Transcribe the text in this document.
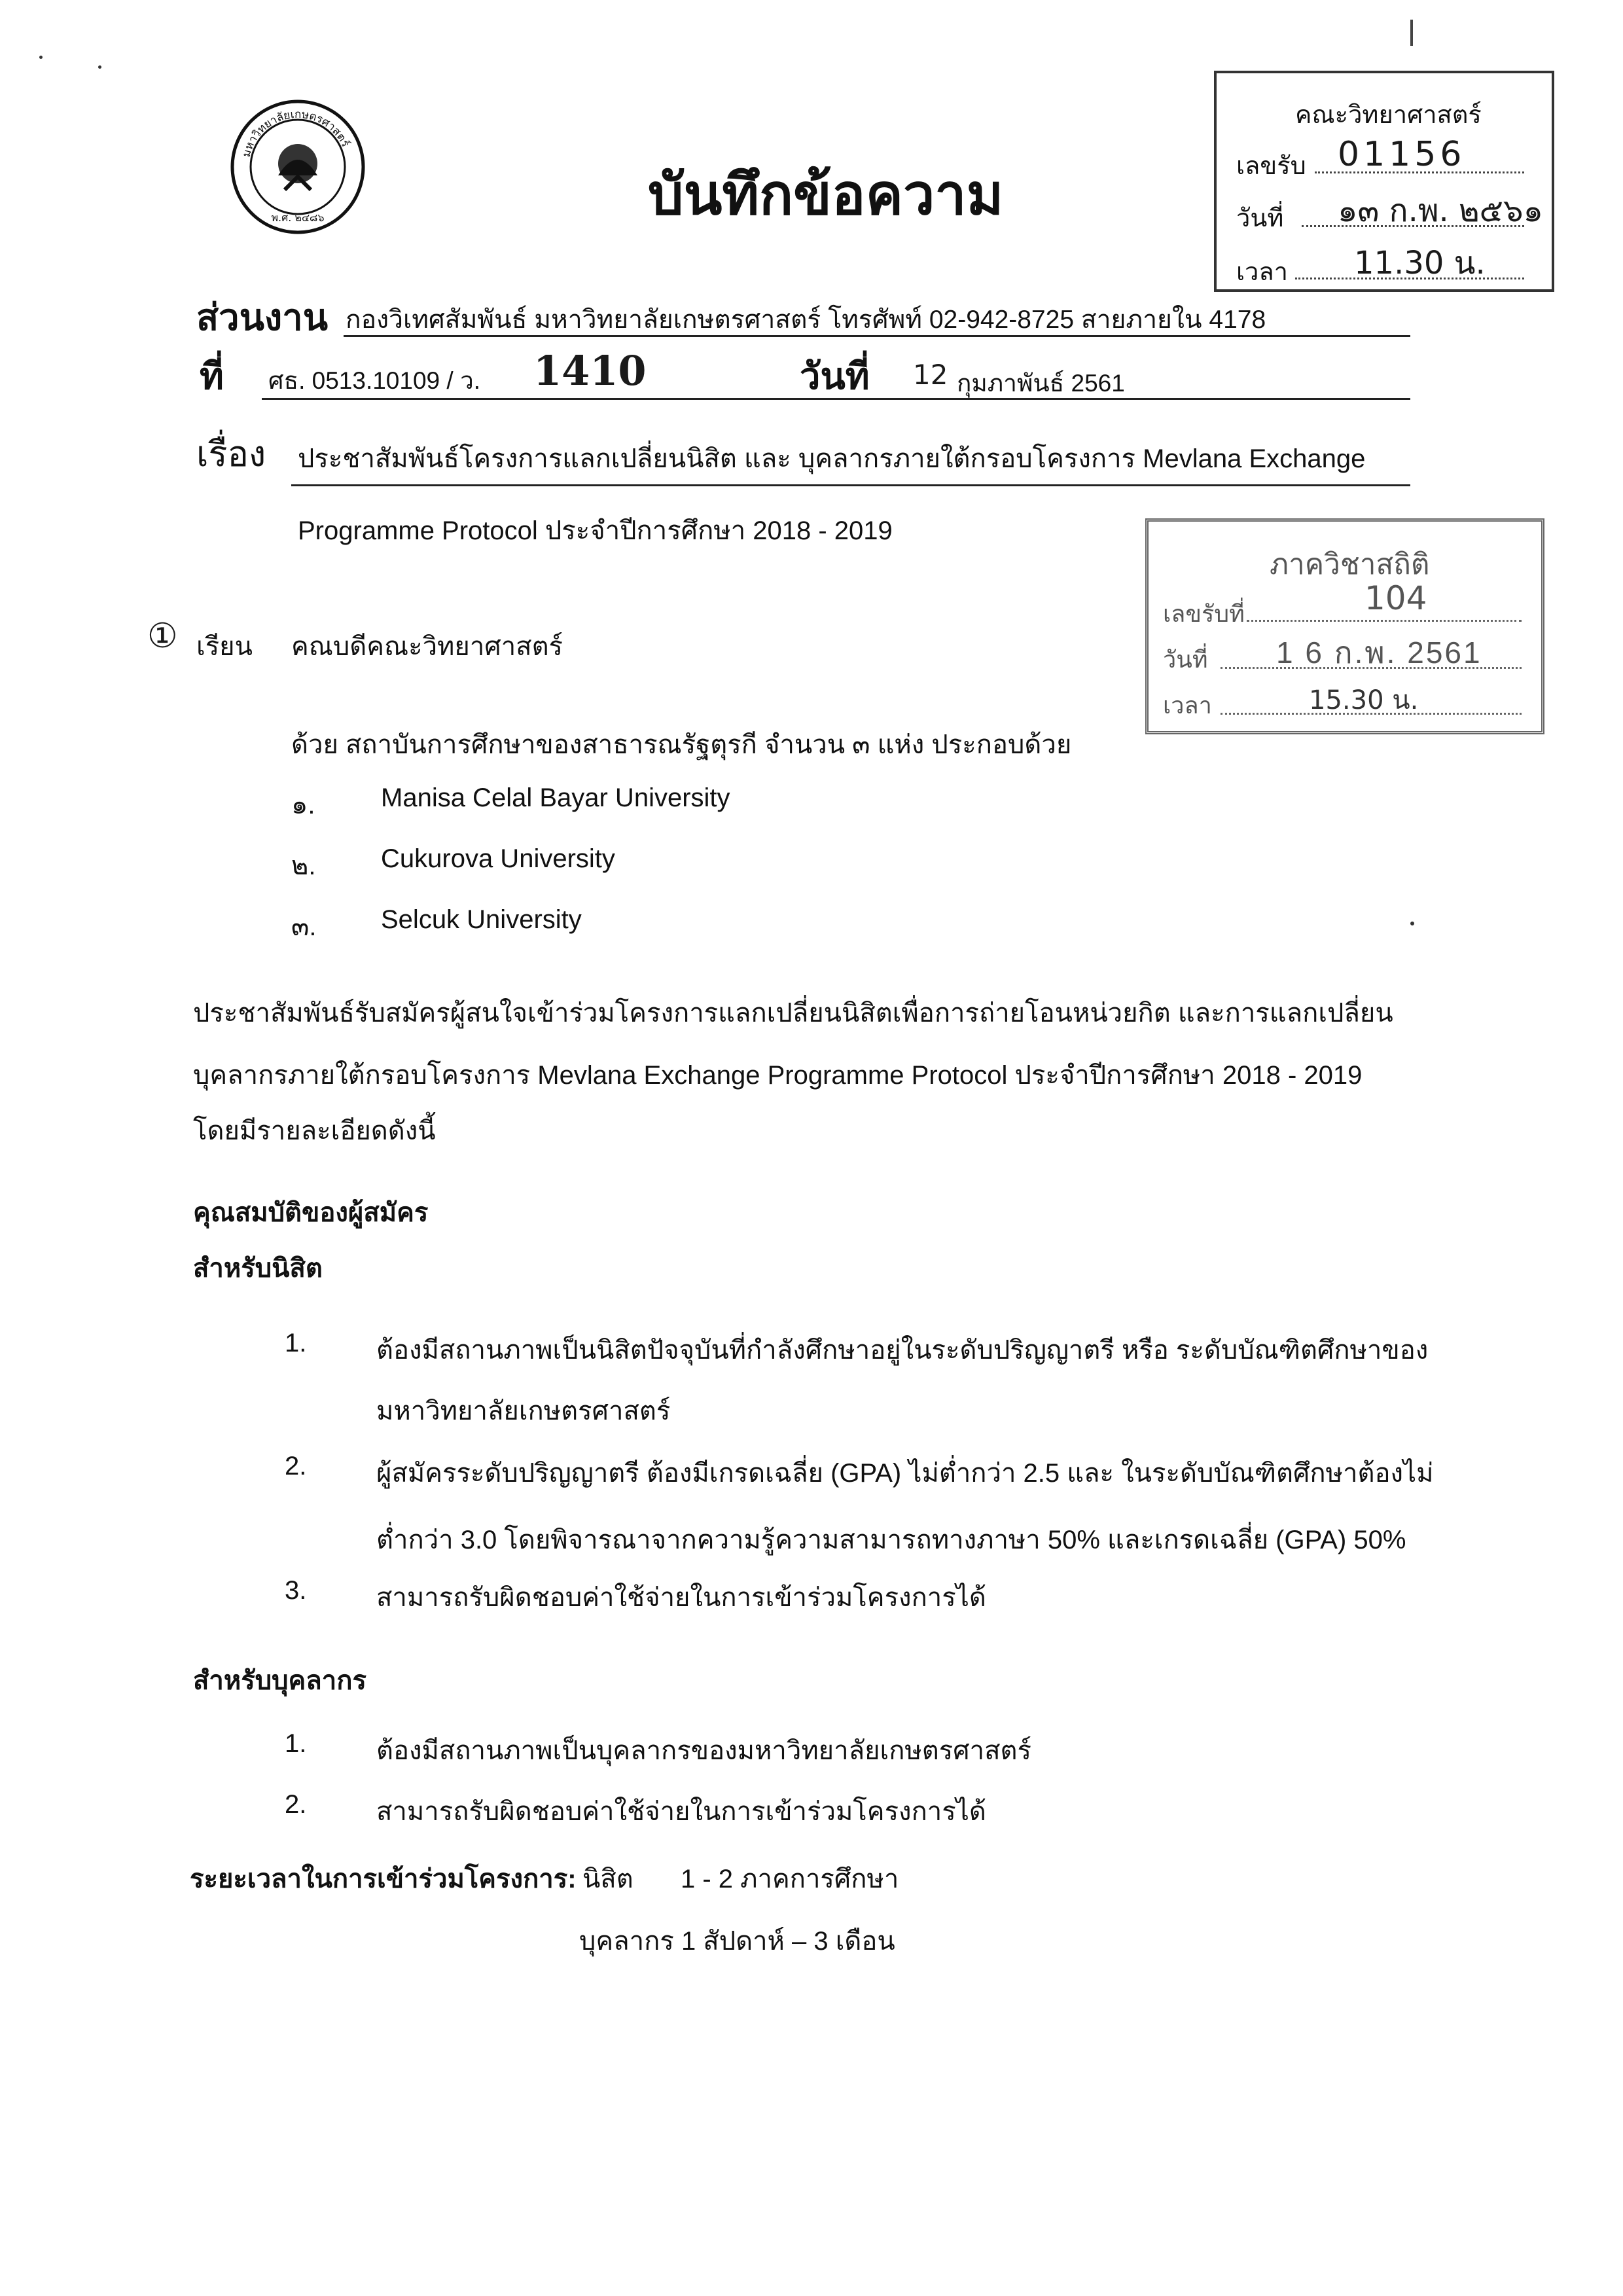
มหาวิทยาลัยเกษตรศาสตร์
พ.ศ. ๒๔๘๖	บันทึกข้อความ
คณะวิทยาศาสตร์
เลขรับ 01156
วันที่ ๑๓ ก.พ. ๒๕๖๑
เวลา 11.30 น.
ส่วนงาน กองวิเทศสัมพันธ์ มหาวิทยาลัยเกษตรศาสตร์ โทรศัพท์ 02-942-8725 สายภายใน 4178
ที่ ศธ. 0513.10109 / ว. 1410	วันที่ 12 กุมภาพันธ์ 2561
เรื่อง ประชาสัมพันธ์โครงการแลกเปลี่ยนนิสิต และ บุคลากรภายใต้กรอบโครงการ Mevlana Exchange
Programme Protocol ประจำปีการศึกษา 2018 - 2019
ภาควิชาสถิติ
เลขรับที่	104
วันที่ 1 6 ก.พ. 2561
เวลา	15.30 น.
① เรียน คณบดีคณะวิทยาศาสตร์
ด้วย สถาบันการศึกษาของสาธารณรัฐตุรกี จำนวน ๓ แห่ง ประกอบด้วย
๑.	Manisa Celal Bayar University
๒. Cukurova University
๓. Selcuk University
ประชาสัมพันธ์รับสมัครผู้สนใจเข้าร่วมโครงการแลกเปลี่ยนนิสิตเพื่อการถ่ายโอนหน่วยกิต และการแลกเปลี่ยน
บุคลากรภายใต้กรอบโครงการ Mevlana Exchange Programme Protocol ประจำปีการศึกษา 2018 - 2019
โดยมีรายละเอียดดังนี้
คุณสมบัติของผู้สมัคร
สำหรับนิสิต
1.	ต้องมีสถานภาพเป็นนิสิตปัจจุบันที่กำลังศึกษาอยู่ในระดับปริญญาตรี หรือ ระดับบัณฑิตศึกษาของ
มหาวิทยาลัยเกษตรศาสตร์
2.	ผู้สมัครระดับปริญญาตรี ต้องมีเกรดเฉลี่ย (GPA) ไม่ต่ำกว่า 2.5 และ ในระดับบัณฑิตศึกษาต้องไม่
ต่ำกว่า 3.0 โดยพิจารณาจากความรู้ความสามารถทางภาษา 50% และเกรดเฉลี่ย (GPA) 50%
3.	สามารถรับผิดชอบค่าใช้จ่ายในการเข้าร่วมโครงการได้
สำหรับบุคลากร
1.	ต้องมีสถานภาพเป็นบุคลากรของมหาวิทยาลัยเกษตรศาสตร์
2.	สามารถรับผิดชอบค่าใช้จ่ายในการเข้าร่วมโครงการได้
ระยะเวลาในการเข้าร่วมโครงการ: นิสิต 1 - 2 ภาคการศึกษา
บุคลากร 1 สัปดาห์ – 3 เดือน
